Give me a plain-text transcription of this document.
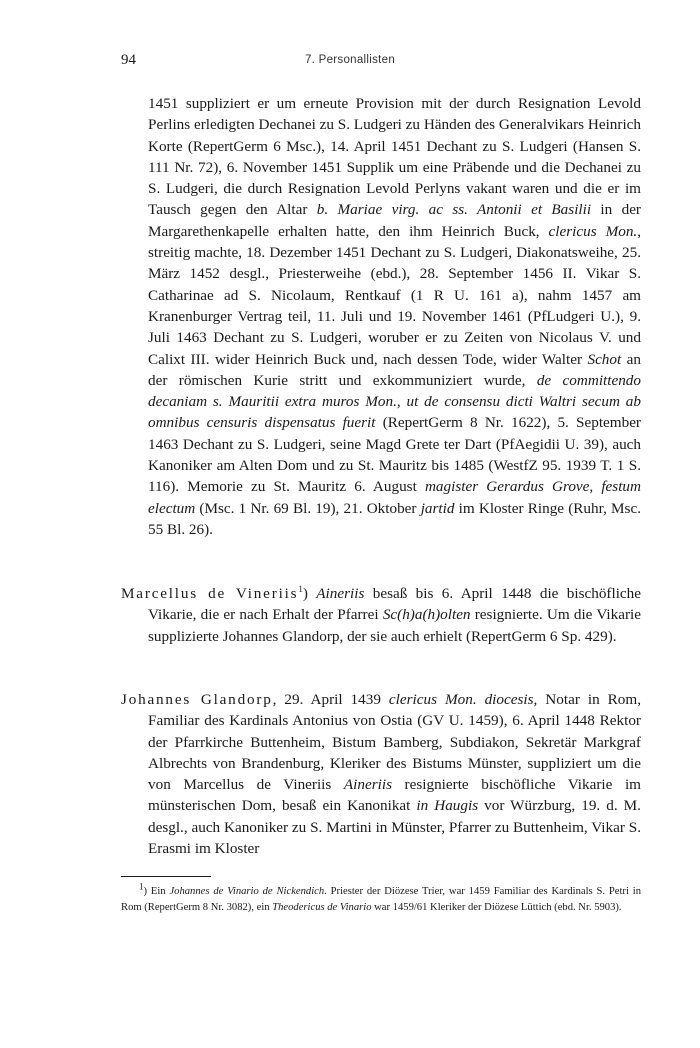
94	7. Personallisten
1451 suppliziert er um erneute Provision mit der durch Resignation Levold Perlins erledigten Dechanei zu S. Ludgeri zu Händen des Generalvikars Heinrich Korte (RepertGerm 6 Msc.), 14. April 1451 Dechant zu S. Ludgeri (Hansen S. 111 Nr. 72), 6. November 1451 Supplik um eine Präbende und die Dechanei zu S. Ludgeri, die durch Resignation Levold Perlyns vakant waren und die er im Tausch gegen den Altar b. Mariae virg. ac ss. Antonii et Basilii in der Margarethenkapelle erhalten hatte, den ihm Heinrich Buck, clericus Mon., streitig machte, 18. Dezember 1451 Dechant zu S. Ludgeri, Diakonatsweihe, 25. März 1452 desgl., Priesterweihe (ebd.), 28. September 1456 II. Vikar S. Catharinae ad S. Nicolaum, Rentkauf (1 R U. 161 a), nahm 1457 am Kranenburger Vertrag teil, 11. Juli und 19. November 1461 (PfLudgeri U.), 9. Juli 1463 Dechant zu S. Ludgeri, woruber er zu Zeiten von Nicolaus V. und Calixt III. wider Heinrich Buck und, nach dessen Tode, wider Walter Schot an der römischen Kurie stritt und exkommuniziert wurde, de committendo decaniam s. Mauritii extra muros Mon., ut de consensu dicti Waltri secum ab omnibus censuris dispensatus fuerit (RepertGerm 8 Nr. 1622), 5. September 1463 Dechant zu S. Ludgeri, seine Magd Grete ter Dart (PfAegidii U. 39), auch Kanoniker am Alten Dom und zu St. Mauritz bis 1485 (WestfZ 95. 1939 T. 1 S. 116). Memorie zu St. Mauritz 6. August magister Gerardus Grove, festum electum (Msc. 1 Nr. 69 Bl. 19), 21. Oktober jartid im Kloster Ringe (Ruhr, Msc. 55 Bl. 26).
Marcellus de Vineriis$^1$) Aineriis besaß bis 6. April 1448 die bischöfliche Vikarie, die er nach Erhalt der Pfarrei Sc(h)a(h)olten resignierte. Um die Vikarie supplizierte Johannes Glandorp, der sie auch erhielt (RepertGerm 6 Sp. 429).
Johannes Glandorp, 29. April 1439 clericus Mon. diocesis, Notar in Rom, Familiar des Kardinals Antonius von Ostia (GV U. 1459), 6. April 1448 Rektor der Pfarrkirche Buttenheim, Bistum Bamberg, Subdiakon, Sekretär Markgraf Albrechts von Brandenburg, Kleriker des Bistums Münster, suppliziert um die von Marcellus de Vineriis Aineriis resignierte bischöfliche Vikarie im münsterischen Dom, besaß ein Kanonikat in Haugis vor Würzburg, 19. d. M. desgl., auch Kanoniker zu S. Martini in Münster, Pfarrer zu Buttenheim, Vikar S. Erasmi im Kloster
$^1$) Ein Johannes de Vinario de Nickendich. Priester der Diözese Trier, war 1459 Familiar des Kardinals S. Petri in Rom (RepertGerm 8 Nr. 3082), ein Theodericus de Vinario war 1459/61 Kleriker der Diözese Lüttich (ebd. Nr. 5903).
